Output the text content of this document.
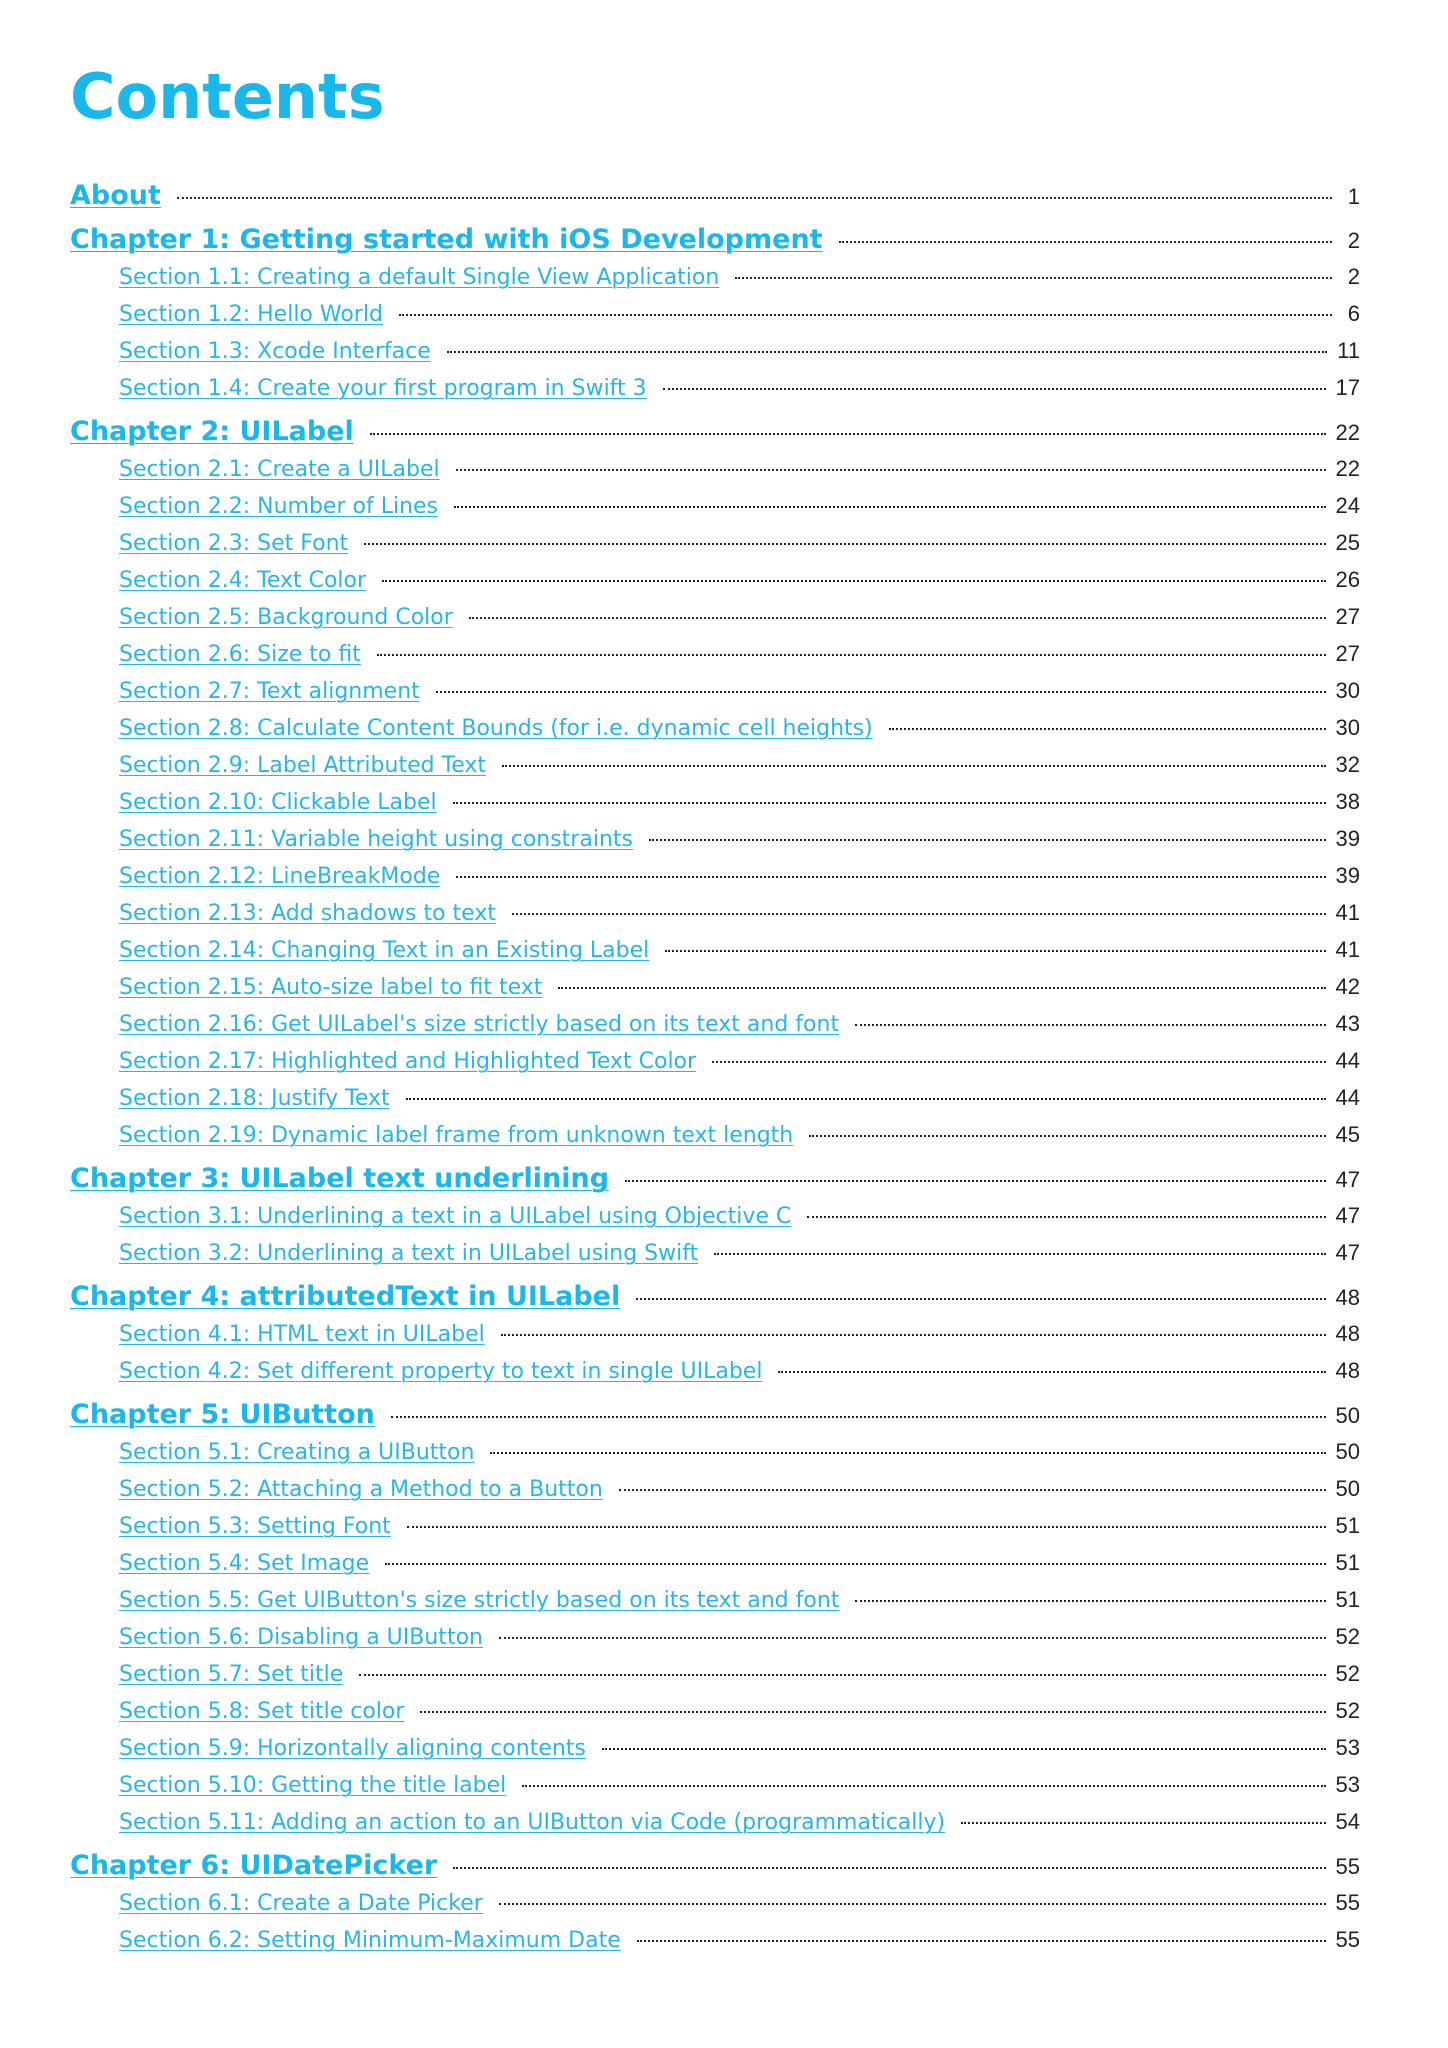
Contents
About	1
Chapter 1: Getting started with iOS Development	2
Section 1.1: Creating a default Single View Application	2
Section 1.2: Hello World	6
Section 1.3: Xcode Interface	11
Section 1.4: Create your first program in Swift 3	17
Chapter 2: UILabel	22
Section 2.1: Create a UILabel	22
Section 2.2: Number of Lines	24
Section 2.3: Set Font	25
Section 2.4: Text Color	26
Section 2.5: Background Color	27
Section 2.6: Size to fit	27
Section 2.7: Text alignment	30
Section 2.8: Calculate Content Bounds (for i.e. dynamic cell heights)	30
Section 2.9: Label Attributed Text	32
Section 2.10: Clickable Label	38
Section 2.11: Variable height using constraints	39
Section 2.12: LineBreakMode	39
Section 2.13: Add shadows to text	41
Section 2.14: Changing Text in an Existing Label	41
Section 2.15: Auto-size label to fit text	42
Section 2.16: Get UILabel's size strictly based on its text and font	43
Section 2.17: Highlighted and Highlighted Text Color	44
Section 2.18: Justify Text	44
Section 2.19: Dynamic label frame from unknown text length	45
Chapter 3: UILabel text underlining	47
Section 3.1: Underlining a text in a UILabel using Objective C	47
Section 3.2: Underlining a text in UILabel using Swift	47
Chapter 4: attributedText in UILabel	48
Section 4.1: HTML text in UILabel	48
Section 4.2: Set different property to text in single UILabel	48
Chapter 5: UIButton	50
Section 5.1: Creating a UIButton	50
Section 5.2: Attaching a Method to a Button	50
Section 5.3: Setting Font	51
Section 5.4: Set Image	51
Section 5.5: Get UIButton's size strictly based on its text and font	51
Section 5.6: Disabling a UIButton	52
Section 5.7: Set title	52
Section 5.8: Set title color	52
Section 5.9: Horizontally aligning contents	53
Section 5.10: Getting the title label	53
Section 5.11: Adding an action to an UIButton via Code (programmatically)	54
Chapter 6: UIDatePicker	55
Section 6.1: Create a Date Picker	55
Section 6.2: Setting Minimum-Maximum Date	55
